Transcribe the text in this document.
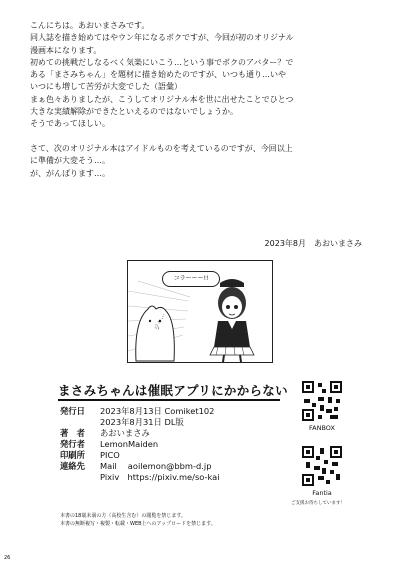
こんにちは。あおいまさみです。

同人誌を描き始めてはやウン年になるボクですが、今回が初のオリジナル

漫画本になります。

初めての挑戦だしなるべく気楽にいこう…という事でボクのアバター？で

ある「まさみちゃん」を題材に描き始めたのですが、いつも通り…いや

いつにも増して苦労が大変でした（語彙）

まぁ色々ありましたが、こうしてオリジナル本を世に出せたことでひとつ

大きな実績解除ができたといえるのではないでしょうか。

そうであってほしい。

さて、次のオリジナル本はアイドルものを考えているのですが、今回以上

に準備が大変そう…。

が、がんばります…。

2023年8月　あおいまさみ
コラーーー!!
ジャ...
まさみちゃんは催眠アプリにかからない
発行日	2023年8月13日 Comiket102
2023年8月31日 DL版
著　者	あおいまさみ
発行者	LemonMaiden
印刷所	PICO
連絡先	Mail　 aoilemon@bbm-d.jp
Pixiv　https://pixiv.me/so-kai
本書の18歳未満の方（高校生含む）の閲覧を禁じます。
本書の無断複写・複製・転載・WEB上へのアップロードを禁じます。
FANBOX
Fantia
ご支援お待ちしています！
26
